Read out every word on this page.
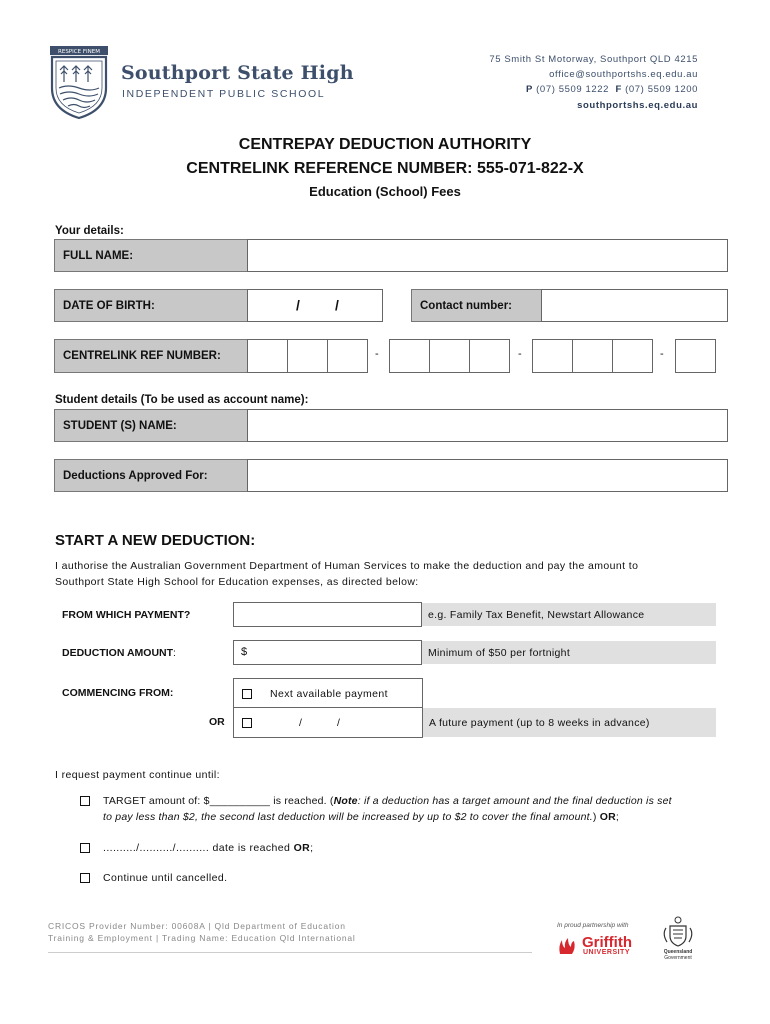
RESPICE FINEM
Southport State High
INDEPENDENT PUBLIC SCHOOL
75 Smith St Motorway, Southport QLD 4215
office@southportshs.eq.edu.au
P (07) 5509 1222 F (07) 5509 1200
southportshs.eq.edu.au
CENTREPAY DEDUCTION AUTHORITY
CENTRELINK REFERENCE NUMBER: 555-071-822-X
Education (School) Fees
Your details:
FULL NAME:
DATE OF BIRTH:	/	/	Contact number:
CENTRELINK REF NUMBER:	-	-	-
Student details (To be used as account name):
STUDENT (S) NAME:
Deductions Approved For:
START A NEW DEDUCTION:
I authorise the Australian Government Department of Human Services to make the deduction and pay the amount to
Southport State High School for Education expenses, as directed below:
FROM WHICH PAYMENT?	e.g. Family Tax Benefit, Newstart Allowance
DEDUCTION AMOUNT:	$	Minimum of $50 per fortnight
COMMENCING FROM:	Next available payment
OR	/	/	A future payment (up to 8 weeks in advance)
I request payment continue until:
TARGET amount of: $__________ is reached. (Note: if a deduction has a target amount and the final deduction is set
to pay less than $2, the second last deduction will be increased by up to $2 to cover the final amount.) OR;
........../........../.......... date is reached OR;
Continue until cancelled.
CRICOS Provider Number: 00608A | Qld Department of Education
Training & Employment | Trading Name: Education Qld International
In proud partnership with
Griffith
UNIVERSITY	Queensland
Government
